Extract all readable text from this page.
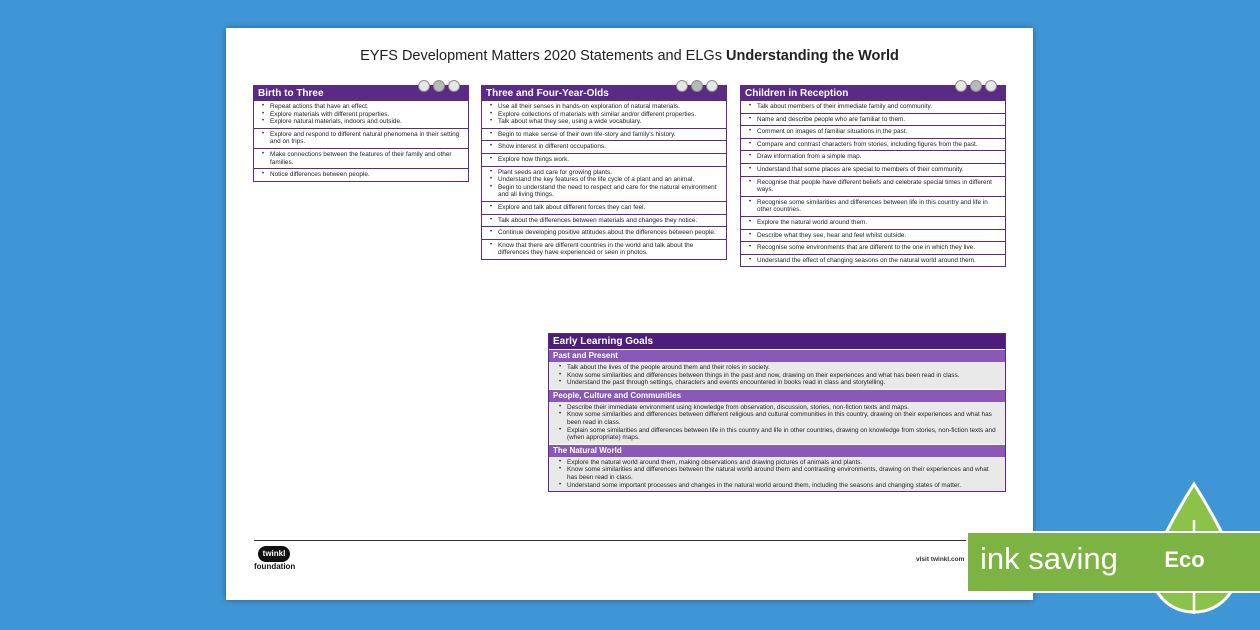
EYFS Development Matters 2020 Statements and ELGs Understanding the World
Birth to Three
• Repeat actions that have an effect.
• Explore materials with different properties.
• Explore natural materials, indoors and outside.
• Explore and respond to different natural phenomena in their setting and on trips.
• Make connections between the features of their family and other families.
• Notice differences between people.
Three and Four-Year-Olds
• Use all their senses in hands-on exploration of natural materials.
• Explore collections of materials with similar and/or different properties.
• Talk about what they see, using a wide vocabulary.
• Begin to make sense of their own life-story and family's history.
• Show interest in different occupations.
• Explore how things work.
• Plant seeds and care for growing plants.
• Understand the key features of the life cycle of a plant and an animal.
• Begin to understand the need to respect and care for the natural environment and all living things.
• Explore and talk about different forces they can feel.
• Talk about the differences between materials and changes they notice.
• Continue developing positive attitudes about the differences between people.
• Know that there are different countries in the world and talk about the differences they have experienced or seen in photos.
Children in Reception
• Talk about members of their immediate family and community.
• Name and describe people who are familiar to them.
• Comment on images of familiar situations in the past.
• Compare and contrast characters from stories, including figures from the past.
• Draw information from a simple map.
• Understand that some places are special to members of their community.
• Recognise that people have different beliefs and celebrate special times in different ways.
• Recognise some similarities and differences between life in this country and life in other countries.
• Explore the natural world around them.
• Describe what they see, hear and feel whilst outside.
• Recognise some environments that are different to the one in which they live.
• Understand the effect of changing seasons on the natural world around them.
Early Learning Goals
Past and Present
• Talk about the lives of the people around them and their roles in society.
• Know some similarities and differences between things in the past and now, drawing on their experiences and what has been read in class.
• Understand the past through settings, characters and events encountered in books read in class and storytelling.
People, Culture and Communities
• Describe their immediate environment using knowledge from observation, discussion, stories, non-fiction texts and maps.
• Know some similarities and differences between different religious and cultural communities in this country, drawing on their experiences and what has been read in class.
• Explain some similarities and differences between life in this country and life in other countries, drawing on knowledge from stories, non-fiction texts and (when appropriate) maps.
The Natural World
• Explore the natural world around them, making observations and drawing pictures of animals and plants.
• Know some similarities and differences between the natural world around them and contrasting environments, drawing on their experiences and what has been read in class.
• Understand some important processes and changes in the natural world around them, including the seasons and changing states of matter.
twinkl
foundation
visit twinkl.com ink saving	Eco
